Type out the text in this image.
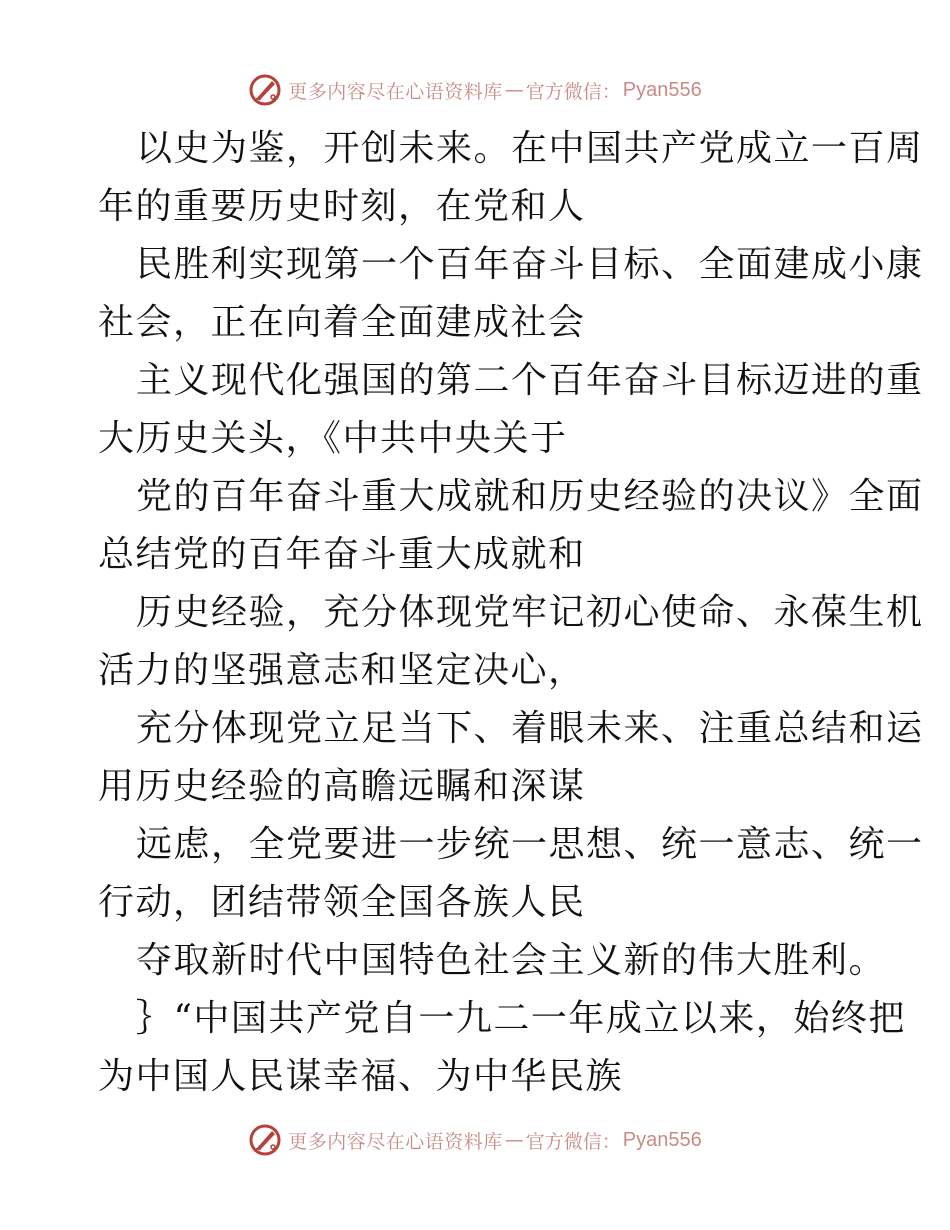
更多内容尽在心语资料库 — 官方微信： Pyan556
以史为鉴，开创未来。在中国共产党成立一百周
年的重要历史时刻，在党和人
民胜利实现第一个百年奋斗目标、全面建成小康
社会，正在向着全面建成社会
主义现代化强国的第二个百年奋斗目标迈进的重
大历史关头，《中共中央关于
党的百年奋斗重大成就和历史经验的决议》全面
总结党的百年奋斗重大成就和
历史经验，充分体现党牢记初心使命、永葆生机
活力的坚强意志和坚定决心，
充分体现党立足当下、着眼未来、注重总结和运
用历史经验的高瞻远瞩和深谋
远虑，全党要进一步统一思想、统一意志、统一
行动，团结带领全国各族人民
夺取新时代中国特色社会主义新的伟大胜利。
｝“中国共产党自一九二一年成立以来，始终把
为中国人民谋幸福、为中华民族
更多内容尽在心语资料库 — 官方微信： Pyan556
